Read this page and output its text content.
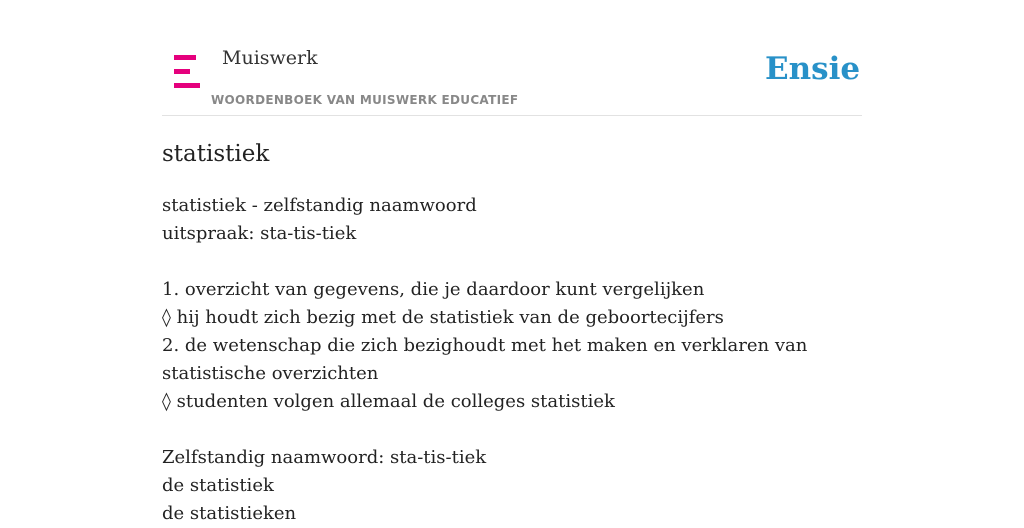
Muiswerk
WOORDENBOEK VAN MUISWERK EDUCATIEF
Ensie
statistiek
statistiek - zelfstandig naamwoord
uitspraak: sta-tis-tiek
1. overzicht van gegevens, die je daardoor kunt vergelijken
◊ hij houdt zich bezig met de statistiek van de geboortecijfers
2. de wetenschap die zich bezighoudt met het maken en verklaren van
statistische overzichten
◊ studenten volgen allemaal de colleges statistiek
Zelfstandig naamwoord: sta-tis-tiek
de statistiek
de statistieken
